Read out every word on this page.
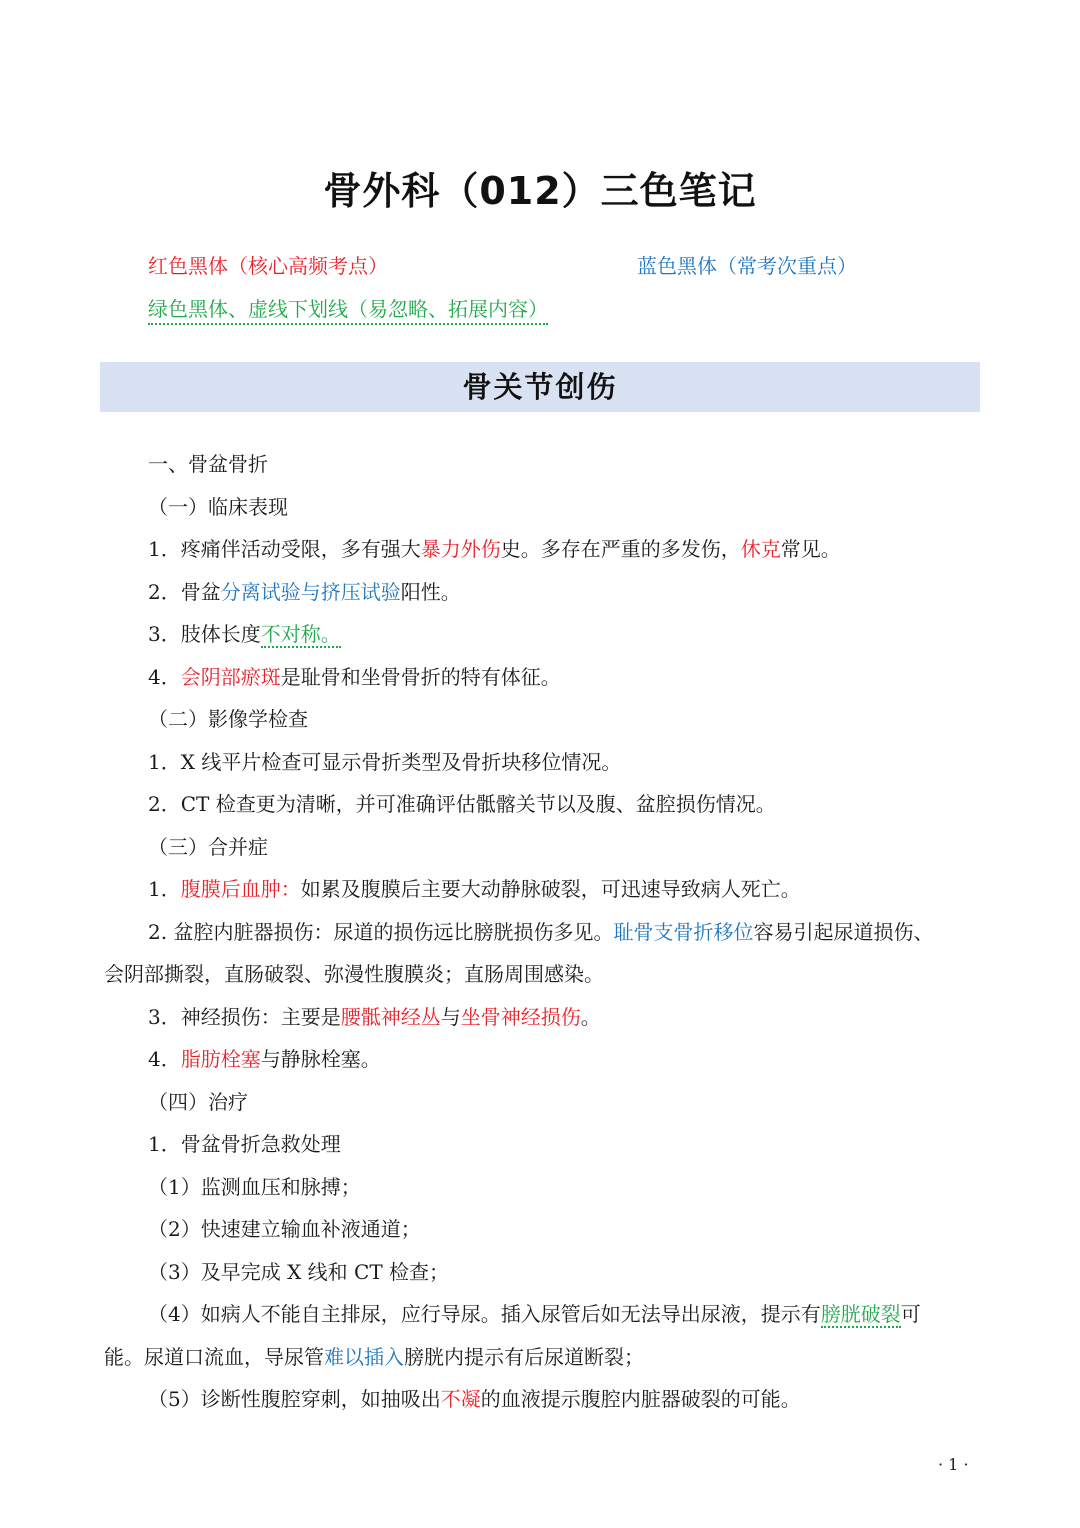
骨外科（012）三色笔记
红色黑体（核心高频考点）	蓝色黑体（常考次重点）
绿色黑体、虚线下划线（易忽略、拓展内容）
骨关节创伤
一、骨盆骨折
（一）临床表现
1．疼痛伴活动受限，多有强大暴力外伤史。多存在严重的多发伤，休克常见。
2．骨盆分离试验与挤压试验阳性。
3．肢体长度不对称。
4．会阴部瘀斑是耻骨和坐骨骨折的特有体征。
（二）影像学检查
1．X 线平片检查可显示骨折类型及骨折块移位情况。
2．CT 检查更为清晰，并可准确评估骶髂关节以及腹、盆腔损伤情况。
（三）合并症
1．腹膜后血肿：如累及腹膜后主要大动静脉破裂，可迅速导致病人死亡。
2. 盆腔内脏器损伤：尿道的损伤远比膀胱损伤多见。耻骨支骨折移位容易引起尿道损伤、
会阴部撕裂，直肠破裂、弥漫性腹膜炎；直肠周围感染。
3．神经损伤：主要是腰骶神经丛与坐骨神经损伤。
4．脂肪栓塞与静脉栓塞。
（四）治疗
1．骨盆骨折急救处理
（1）监测血压和脉搏；
（2）快速建立输血补液通道；
（3）及早完成 X 线和 CT 检查；
（4）如病人不能自主排尿，应行导尿。插入尿管后如无法导出尿液，提示有膀胱破裂可
能。尿道口流血，导尿管难以插入膀胱内提示有后尿道断裂；
（5）诊断性腹腔穿刺，如抽吸出不凝的血液提示腹腔内脏器破裂的可能。
· 1 ·
